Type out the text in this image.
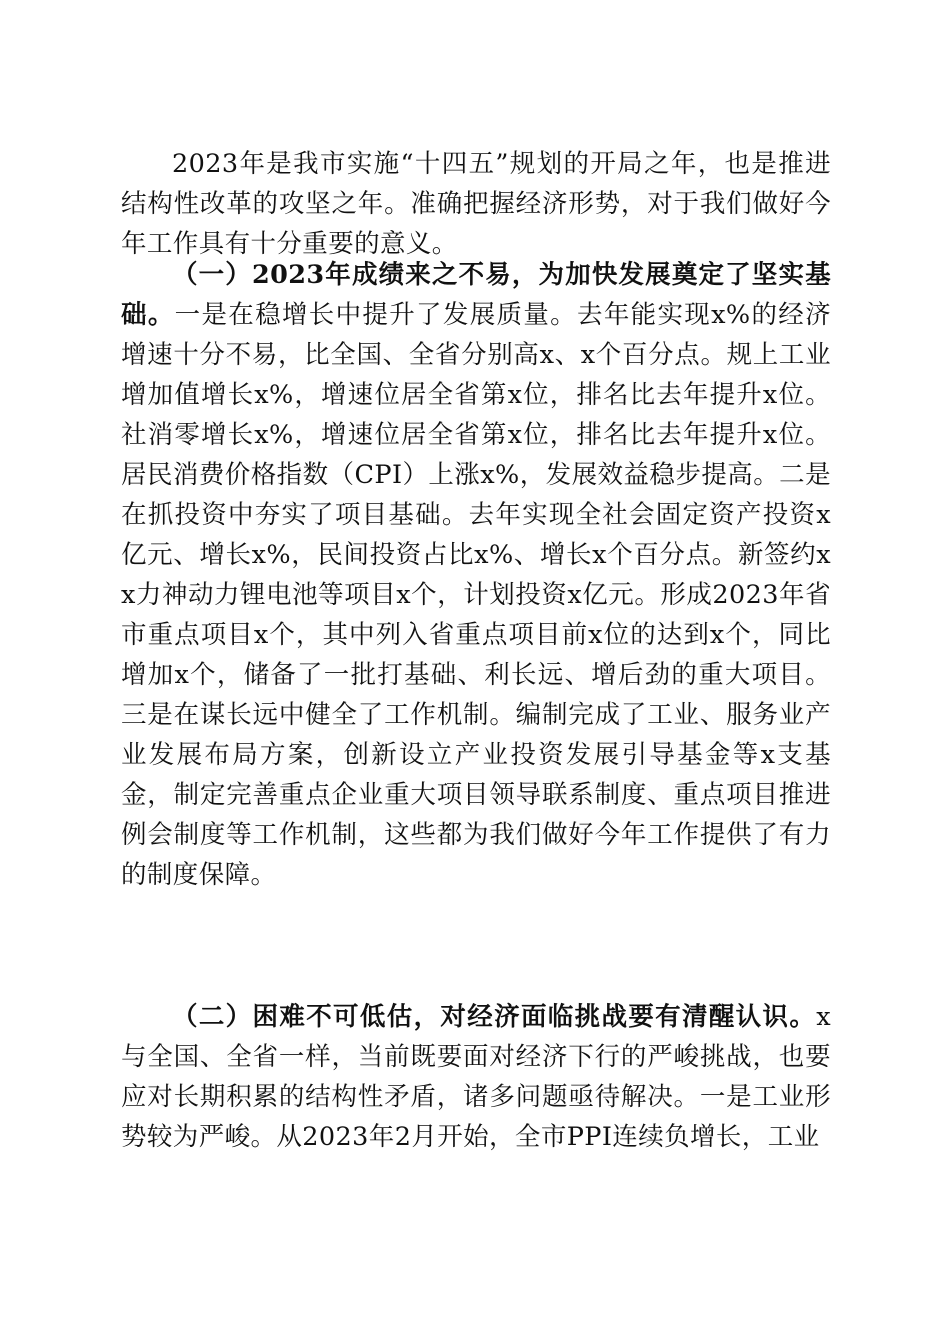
2023年是我市实施“十四五”规划的开局之年，也是推进结构性改革的攻坚之年。准确把握经济形势，对于我们做好今年工作具有十分重要的意义。

（一）2023年成绩来之不易，为加快发展奠定了坚实基础。一是在稳增长中提升了发展质量。去年能实现x%的经济增速十分不易，比全国、全省分别高x、x个百分点。规上工业增加值增长x%，增速位居全省第x位，排名比去年提升x位。社消零增长x%，增速位居全省第x位，排名比去年提升x位。居民消费价格指数（CPI）上涨x%，发展效益稳步提高。二是在抓投资中夯实了项目基础。去年实现全社会固定资产投资x亿元、增长x%，民间投资占比x%、增长x个百分点。新签约xx力神动力锂电池等项目x个，计划投资x亿元。形成2023年省市重点项目x个，其中列入省重点项目前x位的达到x个，同比增加x个，储备了一批打基础、利长远、增后劲的重大项目。三是在谋长远中健全了工作机制。编制完成了工业、服务业产业发展布局方案，创新设立产业投资发展引导基金等x支基金，制定完善重点企业重大项目领导联系制度、重点项目推进例会制度等工作机制，这些都为我们做好今年工作提供了有力的制度保障。

（二）困难不可低估，对经济面临挑战要有清醒认识。x与全国、全省一样，当前既要面对经济下行的严峻挑战，也要应对长期积累的结构性矛盾，诸多问题亟待解决。一是工业形势较为严峻。从2023年2月开始，全市PPI连续负增长，工业
